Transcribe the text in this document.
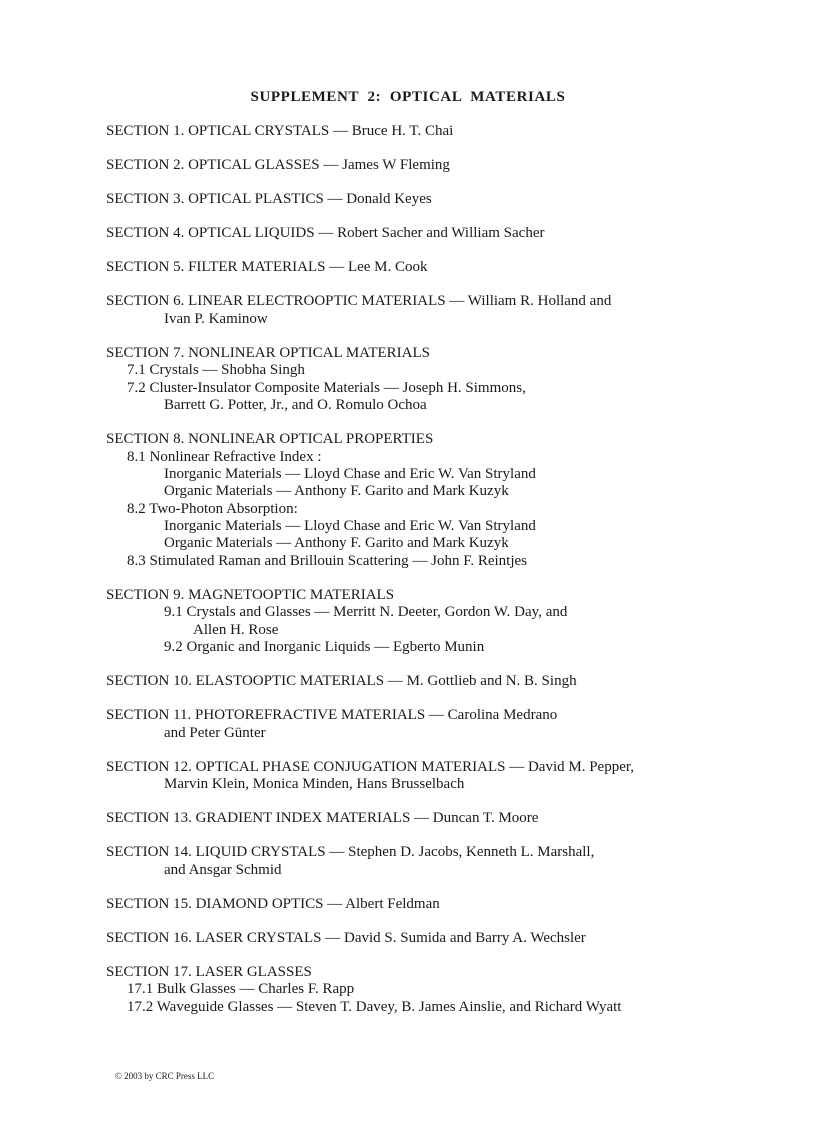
SUPPLEMENT  2:  OPTICAL  MATERIALS
SECTION 1. OPTICAL CRYSTALS — Bruce H. T. Chai
SECTION 2. OPTICAL GLASSES — James W Fleming
SECTION 3. OPTICAL PLASTICS — Donald Keyes
SECTION 4. OPTICAL LIQUIDS — Robert Sacher and William Sacher
SECTION 5. FILTER MATERIALS — Lee M. Cook
SECTION 6. LINEAR ELECTROOPTIC MATERIALS — William R. Holland and
Ivan P. Kaminow
SECTION 7. NONLINEAR OPTICAL MATERIALS
7.1 Crystals — Shobha Singh
7.2 Cluster-Insulator Composite Materials — Joseph H. Simmons,
Barrett G. Potter, Jr., and O. Romulo Ochoa
SECTION 8. NONLINEAR OPTICAL PROPERTIES
8.1 Nonlinear Refractive Index :
Inorganic Materials — Lloyd Chase and Eric W. Van Stryland
Organic Materials — Anthony F. Garito and Mark Kuzyk
8.2 Two-Photon Absorption:
Inorganic Materials — Lloyd Chase and Eric W. Van Stryland
Organic Materials — Anthony F. Garito and Mark Kuzyk
8.3 Stimulated Raman and Brillouin Scattering — John F. Reintjes
SECTION 9. MAGNETOOPTIC MATERIALS
9.1 Crystals and Glasses — Merritt N. Deeter, Gordon W. Day, and
Allen H. Rose
9.2 Organic and Inorganic Liquids — Egberto Munin
SECTION 10. ELASTOOPTIC MATERIALS — M. Gottlieb and N. B. Singh
SECTION 11. PHOTOREFRACTIVE MATERIALS — Carolina Medrano
and Peter Günter
SECTION 12. OPTICAL PHASE CONJUGATION MATERIALS — David M. Pepper,
Marvin Klein, Monica Minden, Hans Brusselbach
SECTION 13. GRADIENT INDEX MATERIALS — Duncan T. Moore
SECTION 14. LIQUID CRYSTALS — Stephen D. Jacobs, Kenneth L. Marshall,
and Ansgar Schmid
SECTION 15. DIAMOND OPTICS — Albert Feldman
SECTION 16. LASER CRYSTALS — David S. Sumida and Barry A. Wechsler
SECTION 17. LASER GLASSES
17.1 Bulk Glasses — Charles F. Rapp
17.2 Waveguide Glasses — Steven T. Davey, B. James Ainslie, and Richard Wyatt
© 2003 by CRC Press LLC
